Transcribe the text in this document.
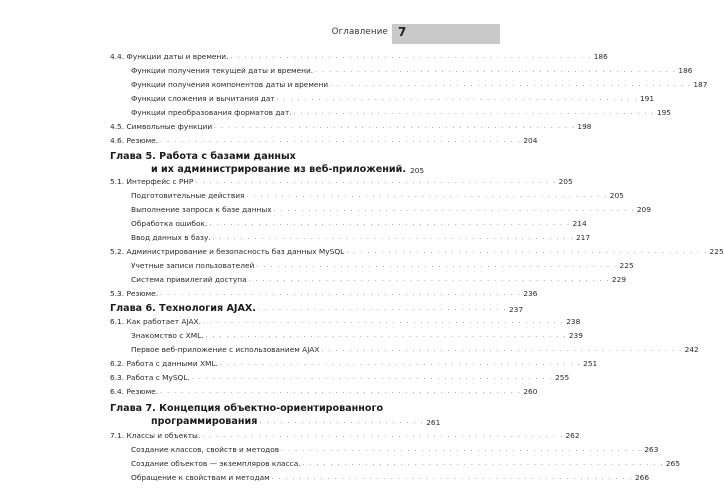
Оглавление 7
4.4. Функции даты и времени. . . . . . . . . . . . . . . . . . . . . . . . . . . . . . . . . . . . . . . . . . . . . . . . . . . . . 186
Функции получения текущей даты и времени. . . . . . . . . . . . . . . . . . . . . . . . . . . . . . . . . . . . . . . . . . . . . . . . . . . . . 186
Функции получения компонентов даты и времени . . . . . . . . . . . . . . . . . . . . . . . . . . . . . . . . . . . . . . . . . . . . . . . . . . . . 187
Функции сложения и вычитания дат . . . . . . . . . . . . . . . . . . . . . . . . . . . . . . . . . . . . . . . . . . . . . . . . . . . . 191
Функции преобразования форматов дат. . . . . . . . . . . . . . . . . . . . . . . . . . . . . . . . . . . . . . . . . . . . . . . . . . . . . 195
4.5. Символьные функции . . . . . . . . . . . . . . . . . . . . . . . . . . . . . . . . . . . . . . . . . . . . . . . . . . . . 198
4.6. Резюме. . . . . . . . . . . . . . . . . . . . . . . . . . . . . . . . . . . . . . . . . . . . . . . . . . . . . 204
Глава 5. Работа с базами данных
и их администрирование из веб-приложений. 205
5.1. Интерфейс с PHP . . . . . . . . . . . . . . . . . . . . . . . . . . . . . . . . . . . . . . . . . . . . . . . . . . . . 205
Подготовительные действия . . . . . . . . . . . . . . . . . . . . . . . . . . . . . . . . . . . . . . . . . . . . . . . . . . . . 205
Выполнение запроса к базе данных . . . . . . . . . . . . . . . . . . . . . . . . . . . . . . . . . . . . . . . . . . . . . . . . . . . . 209
Обработка ошибок. . . . . . . . . . . . . . . . . . . . . . . . . . . . . . . . . . . . . . . . . . . . . . . . . . . . . 214
Ввод данных в базу. . . . . . . . . . . . . . . . . . . . . . . . . . . . . . . . . . . . . . . . . . . . . . . . . . . . . 217
5.2. Администрирование и безопасность баз данных MySQL . . . . . . . . . . . . . . . . . . . . . . . . . . . . . . . . . . . . . . . . . . . . . . . . . . . . 225
Учетные записи пользователей . . . . . . . . . . . . . . . . . . . . . . . . . . . . . . . . . . . . . . . . . . . . . . . . . . . . 225
Система привилегий доступа . . . . . . . . . . . . . . . . . . . . . . . . . . . . . . . . . . . . . . . . . . . . . . . . . . . . 229
5.3. Резюме. . . . . . . . . . . . . . . . . . . . . . . . . . . . . . . . . . . . . . . . . . . . . . . . . . . . . 236
Глава 6. Технология AJAX. . . . . . . . . . . . . . . . . . . . . . . . . . . . . . . . . . . . . 237
6.1. Как работает AJAX. . . . . . . . . . . . . . . . . . . . . . . . . . . . . . . . . . . . . . . . . . . . . . . . . . . . . 238
Знакомство с XML. . . . . . . . . . . . . . . . . . . . . . . . . . . . . . . . . . . . . . . . . . . . . . . . . . . . . 239
Первое веб-приложение с использованием AJAX . . . . . . . . . . . . . . . . . . . . . . . . . . . . . . . . . . . . . . . . . . . . . . . . . . . . 242
6.2. Работа с данными XML. . . . . . . . . . . . . . . . . . . . . . . . . . . . . . . . . . . . . . . . . . . . . . . . . . . . . 251
6.3. Работа с MySQL. . . . . . . . . . . . . . . . . . . . . . . . . . . . . . . . . . . . . . . . . . . . . . . . . . . . . 255
6.4. Резюме. . . . . . . . . . . . . . . . . . . . . . . . . . . . . . . . . . . . . . . . . . . . . . . . . . . . . 260
Глава 7. Концепция объектно-ориентированного
программирования . . . . . . . . . . . . . . . . . . . . . . . . 261
7.1. Классы и объекты. . . . . . . . . . . . . . . . . . . . . . . . . . . . . . . . . . . . . . . . . . . . . . . . . . . . . 262
Создание классов, свойств и методов . . . . . . . . . . . . . . . . . . . . . . . . . . . . . . . . . . . . . . . . . . . . . . . . . . . . 263
Создание объектов — экземпляров класса. . . . . . . . . . . . . . . . . . . . . . . . . . . . . . . . . . . . . . . . . . . . . . . . . . . . . 265
Обращение к свойствам и методам . . . . . . . . . . . . . . . . . . . . . . . . . . . . . . . . . . . . . . . . . . . . . . . . . . . . 266
